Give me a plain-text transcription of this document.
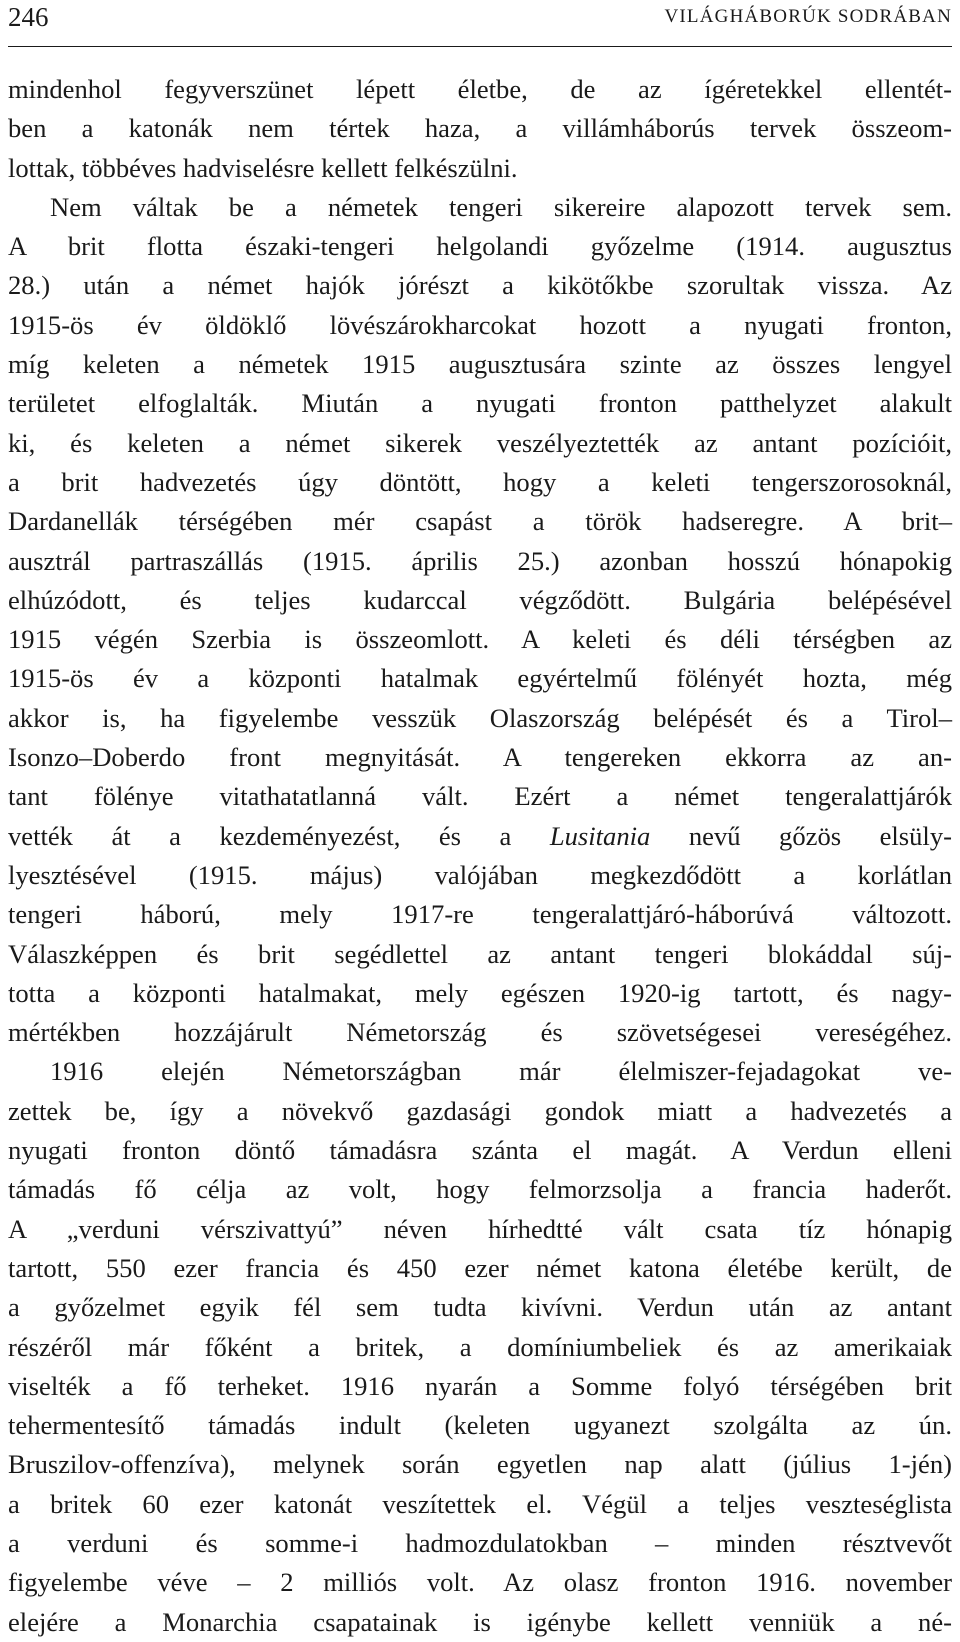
246	VILÁGHÁBORÚK SODRÁBAN
mindenhol fegyverszünet lépett életbe, de az ígéretekkel ellentét-
ben a katonák nem tértek haza, a villámháborús tervek összeom-
lottak, többéves hadviselésre kellett felkészülni.
Nem váltak be a németek tengeri sikereire alapozott tervek sem.
A brit flotta északi-tengeri helgolandi győzelme (1914. augusztus
28.) után a német hajók jórészt a kikötőkbe szorultak vissza. Az
1915-ös év öldöklő lövészárokharcokat hozott a nyugati fronton,
míg keleten a németek 1915 augusztusára szinte az összes lengyel
területet elfoglalták. Miután a nyugati fronton patthelyzet alakult
ki, és keleten a német sikerek veszélyeztették az antant pozícióit,
a brit hadvezetés úgy döntött, hogy a keleti tengerszorosoknál,
Dardanellák térségében mér csapást a török hadseregre. A brit–
ausztrál partraszállás (1915. április 25.) azonban hosszú hónapokig
elhúzódott, és teljes kudarccal végződött. Bulgária belépésével
1915 végén Szerbia is összeomlott. A keleti és déli térségben az
1915-ös év a központi hatalmak egyértelmű fölényét hozta, még
akkor is, ha figyelembe vesszük Olaszország belépését és a Tirol–
Isonzo–Doberdo front megnyitását. A tengereken ekkorra az an-
tant fölénye vitathatatlanná vált. Ezért a német tengeralattjárók
vették át a kezdeményezést, és a Lusitania nevű gőzös elsüly-
lyesztésével (1915. május) valójában megkezdődött a korlátlan
tengeri háború, mely 1917-re tengeralattjáró-háborúvá változott.
Válaszképpen és brit segédlettel az antant tengeri blokáddal súj-
totta a központi hatalmakat, mely egészen 1920-ig tartott, és nagy-
mértékben hozzájárult Németország és szövetségesei vereségéhez.
1916 elején Németországban már élelmiszer-fejadagokat ve-
zettek be, így a növekvő gazdasági gondok miatt a hadvezetés a
nyugati fronton döntő támadásra szánta el magát. A Verdun elleni
támadás fő célja az volt, hogy felmorzsolja a francia haderőt.
A „verduni vérszivattyú” néven hírhedtté vált csata tíz hónapig
tartott, 550 ezer francia és 450 ezer német katona életébe került, de
a győzelmet egyik fél sem tudta kivívni. Verdun után az antant
részéről már főként a britek, a domíniumbeliek és az amerikaiak
viselték a fő terheket. 1916 nyarán a Somme folyó térségében brit
tehermentesítő támadás indult (keleten ugyanezt szolgálta az ún.
Bruszilov-offenzíva), melynek során egyetlen nap alatt (július 1-jén)
a britek 60 ezer katonát veszítettek el. Végül a teljes veszteséglista
a verduni és somme-i hadmozdulatokban – minden résztvevőt
figyelembe véve – 2 milliós volt. Az olasz fronton 1916. november
elejére a Monarchia csapatainak is igénybe kellett venniük a né-
